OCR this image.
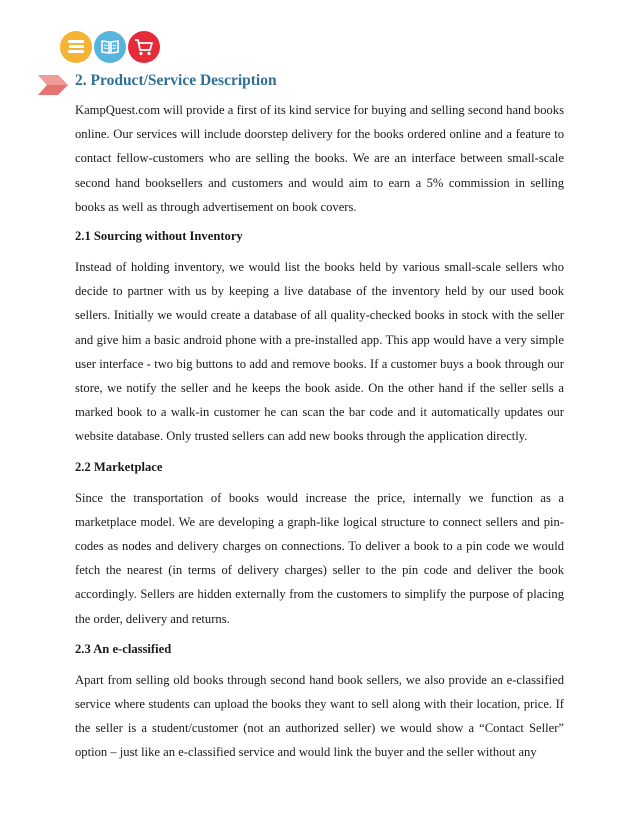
2. Product/Service Description

KampQuest.com will provide a first of its kind service for buying and selling second hand books online. Our services will include doorstep delivery for the books ordered online and a feature to contact fellow-customers who are selling the books. We are an interface between small-scale second hand booksellers and customers and would aim to earn a 5% commission in selling books as well as through advertisement on book covers.

2.1 Sourcing without Inventory

Instead of holding inventory, we would list the books held by various small-scale sellers who decide to partner with us by keeping a live database of the inventory held by our used book sellers. Initially we would create a database of all quality-checked books in stock with the seller and give him a basic android phone with a pre-installed app. This app would have a very simple user interface - two big buttons to add and remove books. If a customer buys a book through our store, we notify the seller and he keeps the book aside. On the other hand if the seller sells a marked book to a walk-in customer he can scan the bar code and it automatically updates our website database. Only trusted sellers can add new books through the application directly.

2.2 Marketplace

Since the transportation of books would increase the price, internally we function as a marketplace model. We are developing a graph-like logical structure to connect sellers and pin-codes as nodes and delivery charges on connections. To deliver a book to a pin code we would fetch the nearest (in terms of delivery charges) seller to the pin code and deliver the book accordingly. Sellers are hidden externally from the customers to simplify the purpose of placing the order, delivery and returns.

2.3 An e-classified

Apart from selling old books through second hand book sellers, we also provide an e-classified service where students can upload the books they want to sell along with their location, price. If the seller is a student/customer (not an authorized seller) we would show a “Contact Seller” option – just like an e-classified service and would link the buyer and the seller without any
